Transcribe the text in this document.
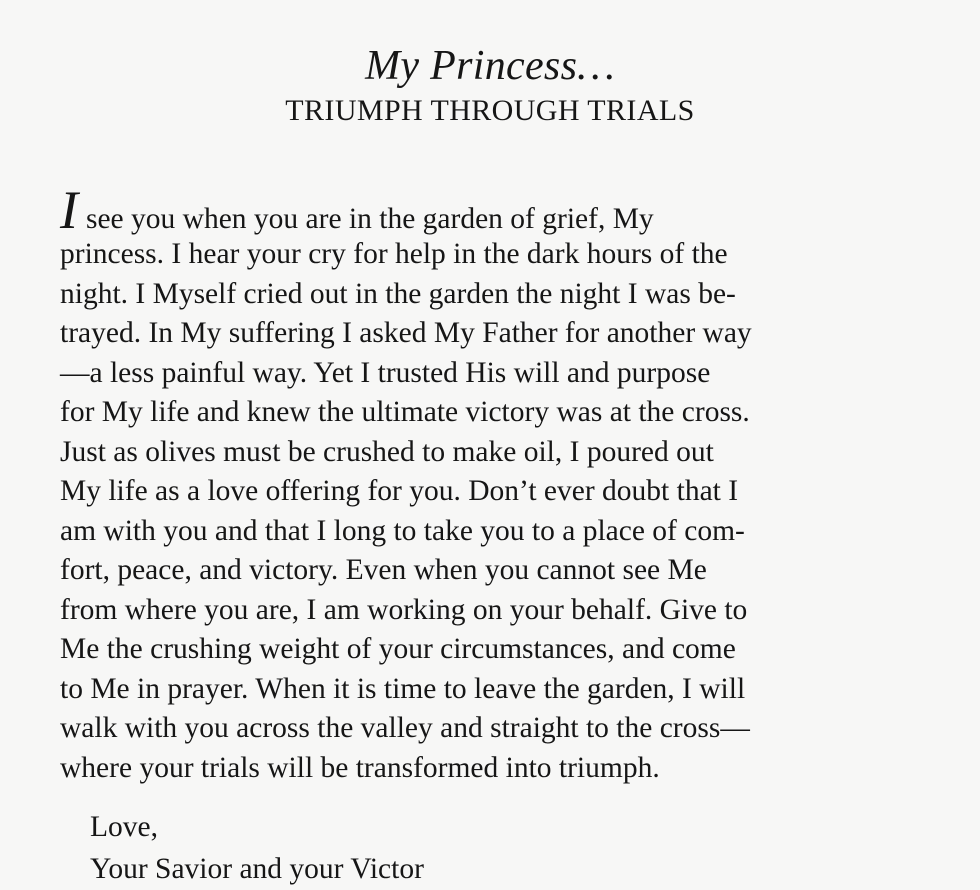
My Princess…
TRIUMPH THROUGH TRIALS
Isee you when you are in the garden of grief, My
princess. I hear your cry for help in the dark hours of the
night. I Myself cried out in the garden the night I was be-
trayed. In My suffering I asked My Father for another way
—a less painful way. Yet I trusted His will and purpose
for My life and knew the ultimate victory was at the cross.
Just as olives must be crushed to make oil, I poured out
My life as a love offering for you. Don’t ever doubt that I
am with you and that I long to take you to a place of com-
fort, peace, and victory. Even when you cannot see Me
from where you are, I am working on your behalf. Give to
Me the crushing weight of your circumstances, and come
to Me in prayer. When it is time to leave the garden, I will
walk with you across the valley and straight to the cross—
where your trials will be transformed into triumph.
Love,
Your Savior and your Victor
